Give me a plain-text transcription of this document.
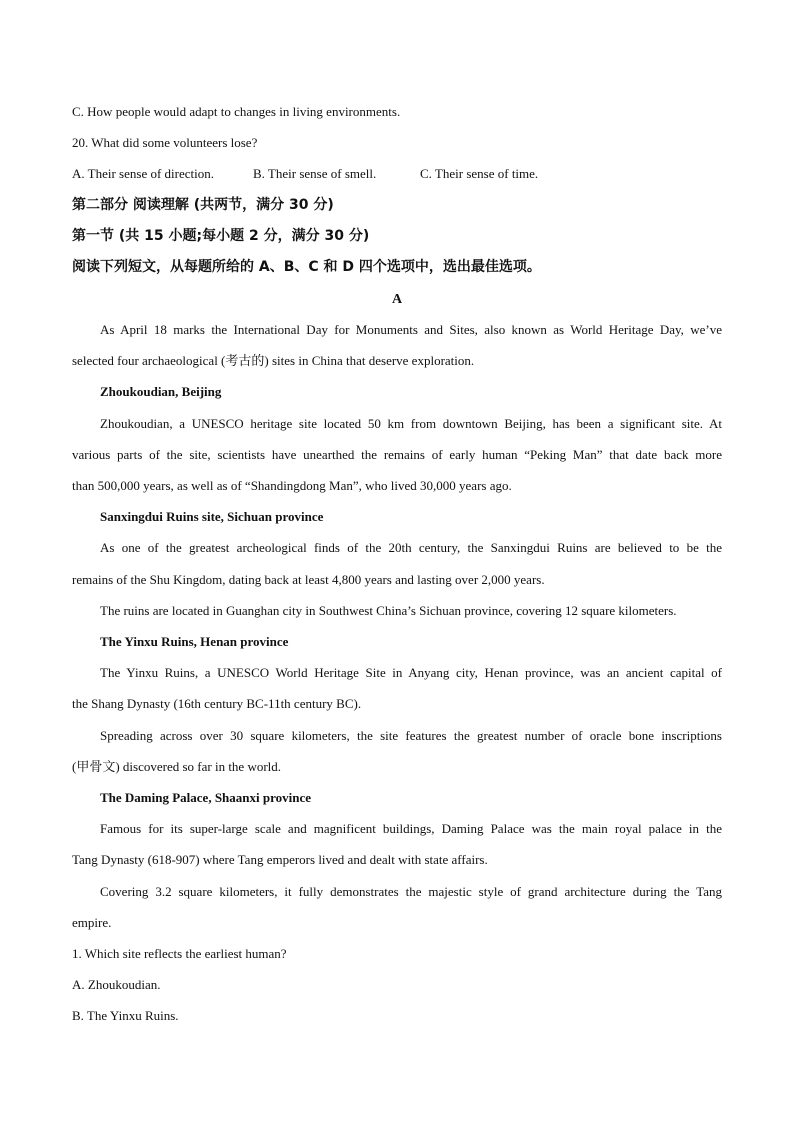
C. How people would adapt to changes in living environments.
20. What did some volunteers lose?
A. Their sense of direction.	B. Their sense of smell.	C. Their sense of time.
第二部分 阅读理解 (共两节，满分 30 分)
第一节 (共 15 小题;每小题 2 分，满分 30 分)
阅读下列短文，从每题所给的 A、B、C 和 D 四个选项中，选出最佳选项。
A
As April 18 marks the International Day for Monuments and Sites, also known as World Heritage Day, we’ve
selected four archaeological (考古的) sites in China that deserve exploration.
Zhoukoudian, Beijing
Zhoukoudian, a UNESCO heritage site located 50 km from downtown Beijing, has been a significant site. At
various parts of the site, scientists have unearthed the remains of early human “Peking Man” that date back more
than 500,000 years, as well as of “Shandingdong Man”, who lived 30,000 years ago.
Sanxingdui Ruins site, Sichuan province
As one of the greatest archeological finds of the 20th century, the Sanxingdui Ruins are believed to be the
remains of the Shu Kingdom, dating back at least 4,800 years and lasting over 2,000 years.
The ruins are located in Guanghan city in Southwest China’s Sichuan province, covering 12 square kilometers.
The Yinxu Ruins, Henan province
The Yinxu Ruins, a UNESCO World Heritage Site in Anyang city, Henan province, was an ancient capital of
the Shang Dynasty (16th century BC-11th century BC).
Spreading across over 30 square kilometers, the site features the greatest number of oracle bone inscriptions
(甲骨文) discovered so far in the world.
The Daming Palace, Shaanxi province
Famous for its super-large scale and magnificent buildings, Daming Palace was the main royal palace in the
Tang Dynasty (618-907) where Tang emperors lived and dealt with state affairs.
Covering 3.2 square kilometers, it fully demonstrates the majestic style of grand architecture during the Tang
empire.
1. Which site reflects the earliest human?
A. Zhoukoudian.
B. The Yinxu Ruins.
